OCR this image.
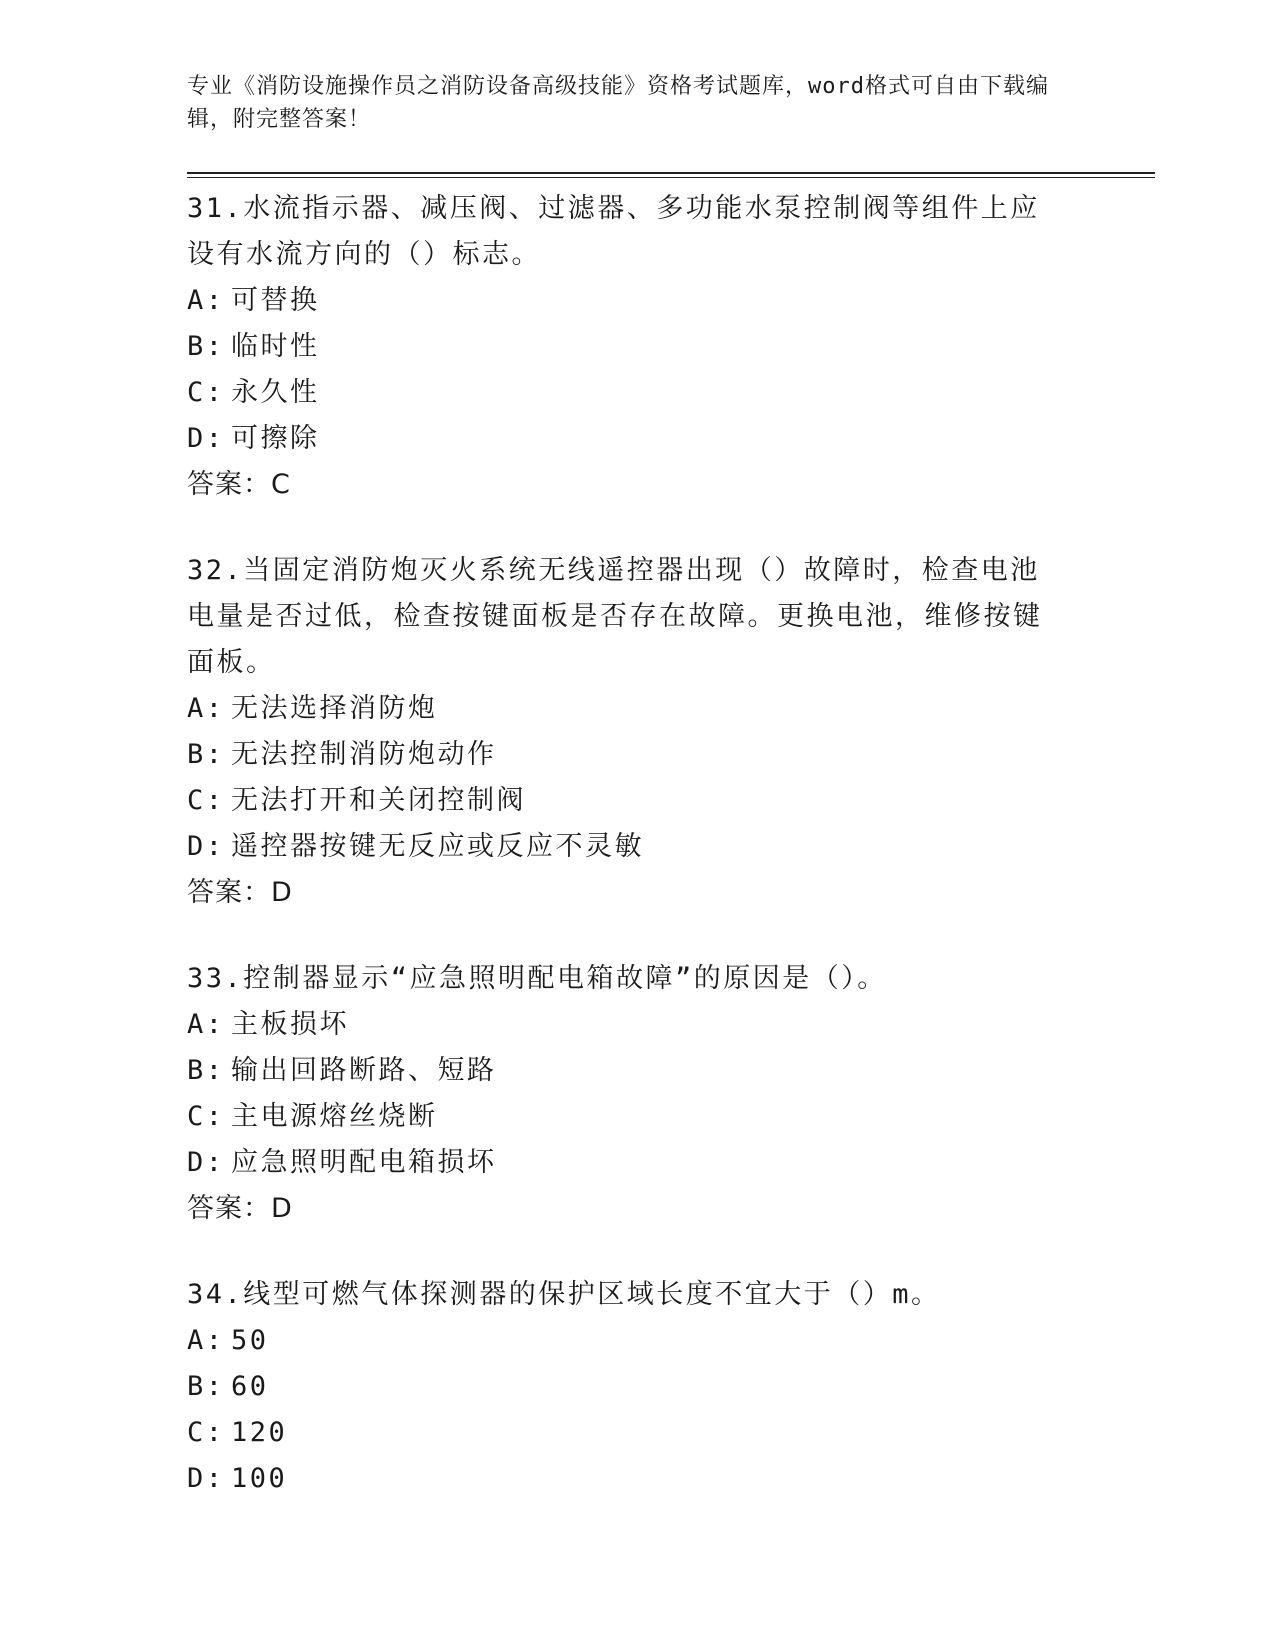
专业《消防设施操作员之消防设备高级技能》资格考试题库，word格式可自由下载编辑，附完整答案！

31.水流指示器、减压阀、过滤器、多功能水泵控制阀等组件上应设有水流方向的（）标志。

A: 可替换
B: 临时性
C: 永久性
D: 可擦除
答案：C

32.当固定消防炮灭火系统无线遥控器出现（）故障时，检查电池电量是否过低，检查按键面板是否存在故障。更换电池，维修按键面板。

A: 无法选择消防炮
B: 无法控制消防炮动作
C: 无法打开和关闭控制阀
D: 遥控器按键无反应或反应不灵敏
答案：D

33.控制器显示“应急照明配电箱故障”的原因是（）。

A: 主板损坏
B: 输出回路断路、短路
C: 主电源熔丝烧断
D: 应急照明配电箱损坏
答案：D

34.线型可燃气体探测器的保护区域长度不宜大于（）m。

A: 50
B: 60
C: 120
D: 100
